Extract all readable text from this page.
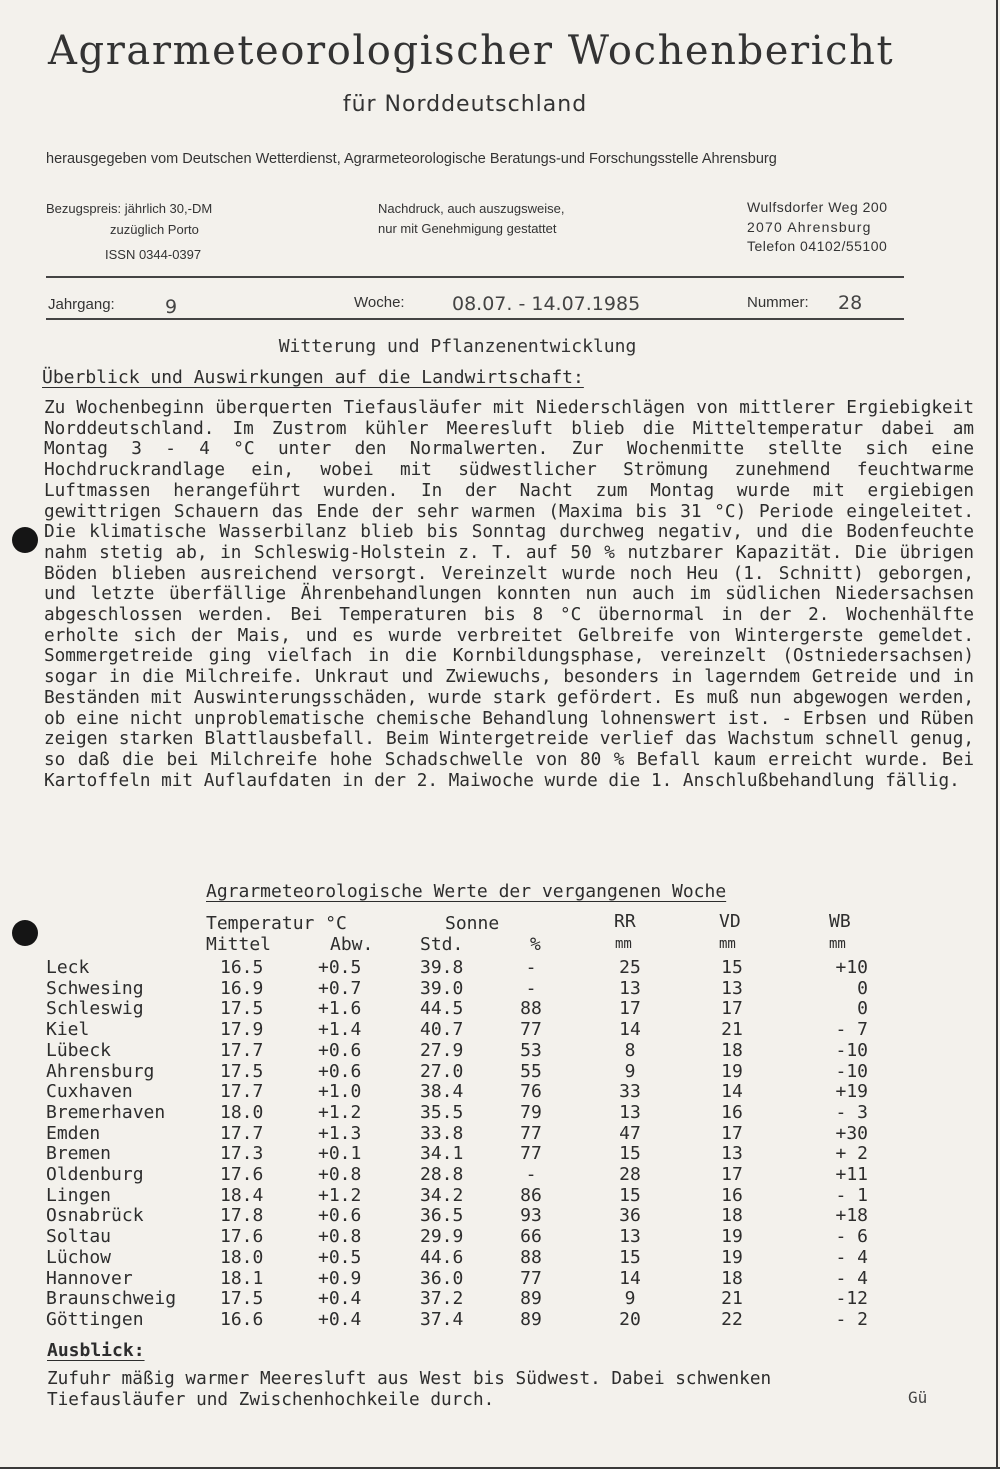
Agrarmeteorologischer Wochenbericht
für Norddeutschland
herausgegeben vom Deutschen Wetterdienst, Agrarmeteorologische Beratungs-und Forschungsstelle Ahrensburg
Bezugspreis: jährlich 30,-DM
zuzüglich Porto
ISSN 0344-0397
Nachdruck, auch auszugsweise,
nur mit Genehmigung gestattet
Wulfsdorfer Weg 200
2070 Ahrensburg
Telefon 04102/55100
Jahrgang:	9	Woche: 08.07. - 14.07.1985	Nummer: 28
Witterung und Pflanzenentwicklung
Überblick und Auswirkungen auf die Landwirtschaft:
Zu Wochenbeginn überquerten Tiefausläufer mit Niederschlägen von mittlerer Ergiebigkeit Norddeutschland. Im Zustrom kühler Meeresluft blieb die Mitteltemperatur dabei am Montag 3 - 4 °C unter den Normalwerten. Zur Wochenmitte stellte sich eine Hochdruckrandlage ein, wobei mit südwestlicher Strömung zunehmend feuchtwarme Luftmassen herangeführt wurden. In der Nacht zum Montag wurde mit ergiebigen gewittrigen Schauern das Ende der sehr warmen (Maxima bis 31 °C) Periode eingeleitet. Die klimatische Wasserbilanz blieb bis Sonntag durchweg negativ, und die Bodenfeuchte nahm stetig ab, in Schleswig-Holstein z. T. auf 50 % nutzbarer Kapazität. Die übrigen Böden blieben ausreichend versorgt. Vereinzelt wurde noch Heu (1. Schnitt) geborgen, und letzte überfällige Ährenbehandlungen konnten nun auch im südlichen Niedersachsen abgeschlossen werden. Bei Temperaturen bis 8 °C übernormal in der 2. Wochenhälfte erholte sich der Mais, und es wurde verbreitet Gelbreife von Wintergerste gemeldet. Sommergetreide ging vielfach in die Kornbildungsphase, vereinzelt (Ostniedersachsen) sogar in die Milchreife. Unkraut und Zwiewuchs, besonders in lagerndem Getreide und in Beständen mit Auswinterungsschäden, wurde stark gefördert. Es muß nun abgewogen werden, ob eine nicht unproblematische chemische Behandlung lohnenswert ist. - Erbsen und Rüben zeigen starken Blattlausbefall. Beim Wintergetreide verlief das Wachstum schnell genug, so daß die bei Milchreife hohe Schadschwelle von 80 % Befall kaum erreicht wurde. Bei Kartoffeln mit Auflaufdaten in der 2. Maiwoche wurde die 1. Anschlußbehandlung fällig.
Agrarmeteorologische Werte der vergangenen Woche
Temperatur °C	Sonne	RR	VD	WB
Mittel	Abw.	Std.	%	mm	mm	mm
Leck	16.5	+0.5	39.8	-	25	15	+10
Schwesing	16.9	+0.7	39.0	-	13	13	0
Schleswig	17.5	+1.6	44.5	88	17	17	0
Kiel	17.9	+1.4	40.7	77	14	21	- 7
Lübeck	17.7	+0.6	27.9	53	8	18	-10
Ahrensburg	17.5	+0.6	27.0	55	9	19	-10
Cuxhaven	17.7	+1.0	38.4	76	33	14	+19
Bremerhaven	18.0	+1.2	35.5	79	13	16	- 3
Emden	17.7	+1.3	33.8	77	47	17	+30
Bremen	17.3	+0.1	34.1	77	15	13	+ 2
Oldenburg	17.6	+0.8	28.8	-	28	17	+11
Lingen	18.4	+1.2	34.2	86	15	16	- 1
Osnabrück	17.8	+0.6	36.5	93	36	18	+18
Soltau	17.6	+0.8	29.9	66	13	19	- 6
Lüchow	18.0	+0.5	44.6	88	15	19	- 4
Hannover	18.1	+0.9	36.0	77	14	18	- 4
Braunschweig 17.5	+0.4	37.2	89	9	21	-12
Göttingen	16.6	+0.4	37.4	89	20	22	- 2
Ausblick:
Zufuhr mäßig warmer Meeresluft aus West bis Südwest. Dabei schwenken Tiefausläufer und Zwischenhochkeile durch.	Gü
